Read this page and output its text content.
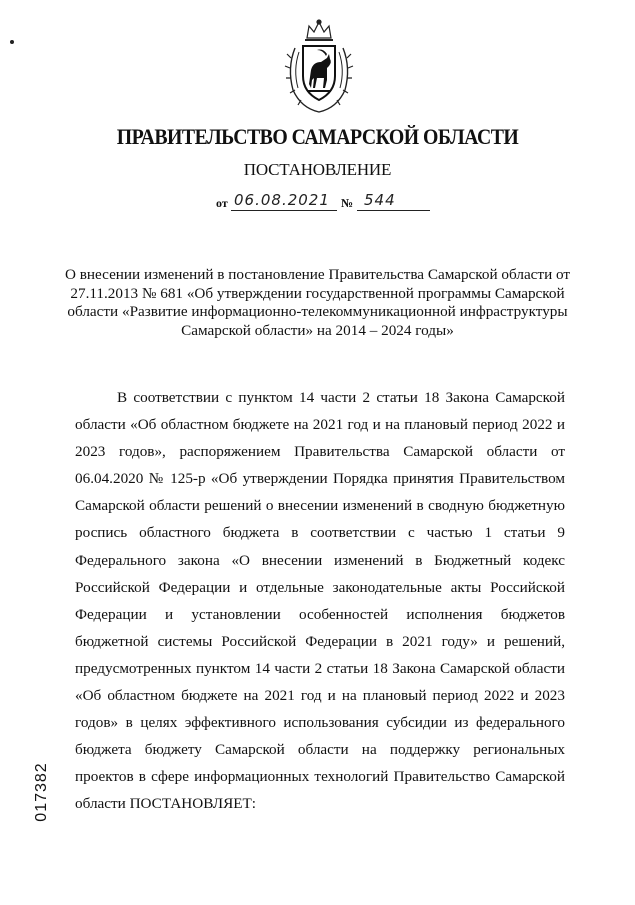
ПРАВИТЕЛЬСТВО САМАРСКОЙ ОБЛАСТИ
ПОСТАНОВЛЕНИЕ
от 06.08.2021 № 544
О внесении изменений в постановление Правительства Самарской области от 27.11.2013 № 681 «Об утверждении государственной программы Самарской области «Развитие информационно-телекоммуникационной инфраструктуры Самарской области» на 2014 – 2024 годы»
В соответствии с пунктом 14 части 2 статьи 18 Закона Самарской области «Об областном бюджете на 2021 год и на плановый период 2022 и 2023 годов», распоряжением Правительства Самарской области от 06.04.2020 № 125-р «Об утверждении Порядка принятия Правительством Самарской области решений о внесении изменений в сводную бюджетную роспись областного бюджета в соответствии с частью 1 статьи 9 Федерального закона «О внесении изменений в Бюджетный кодекс Российской Федерации и отдельные законодательные акты Российской Федерации и установлении особенностей исполнения бюджетов бюджетной системы Российской Федерации в 2021 году» и решений, предусмотренных пунктом 14 части 2 статьи 18 Закона Самарской области «Об областном бюджете на 2021 год и на плановый период 2022 и 2023 годов» в целях эффективного использования субсидии из федерального бюджета бюджету Самарской области на поддержку региональных проектов в сфере информационных технологий Правительство Самарской области ПОСТАНОВЛЯЕТ:
017382
